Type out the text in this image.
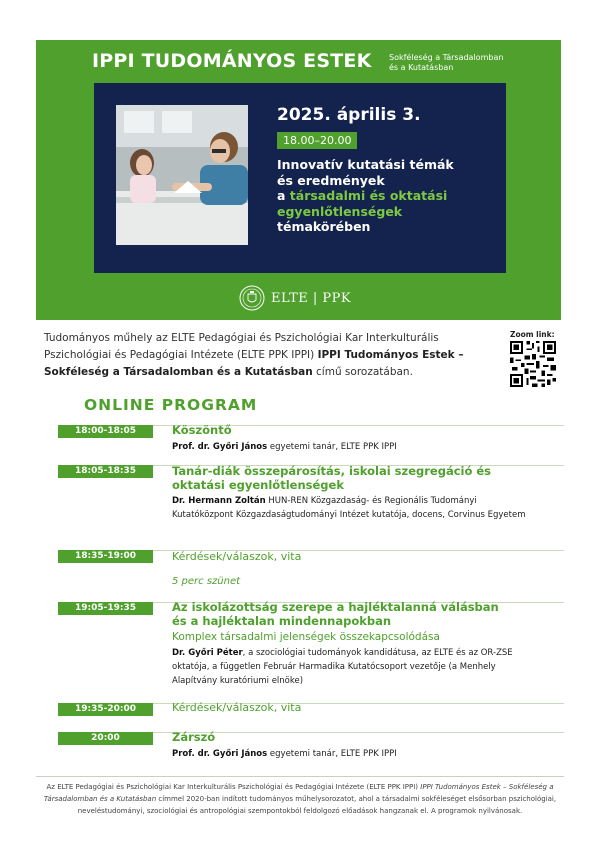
IPPI TUDOMÁNYOS ESTEK Sokféleség a Társadalomban
és a Kutatásban
2025. április 3.
18.00–20.00
Innovatív kutatási témák
és eredmények
a társadalmi és oktatási
egyenlőtlenségek
témakörében
ELTE | PPK
Tudományos műhely az ELTE Pedagógiai és Pszichológiai Kar Interkulturális Pszichológiai és Pedagógiai Intézete (ELTE PPK IPPI) IPPI Tudományos Estek – Sokféleség a Társadalomban és a Kutatásban című sorozatában.
Zoom link:
ONLINE PROGRAM
18:00-18:05	Köszöntő
Prof. dr. Győri János egyetemi tanár, ELTE PPK IPPI
18:05-18:35	Tanár-diák összepárosítás, iskolai szegregáció és
oktatási egyenlőtlenségek
Dr. Hermann Zoltán HUN-REN Közgazdaság- és Regionális Tudományi Kutatóközpont Közgazdaságtudományi Intézet kutatója, docens, Corvinus Egyetem
18:35-19:00	Kérdések/válaszok, vita
5 perc szünet
19:05-19:35	Az iskolázottság szerepe a hajléktalanná válásban
és a hajléktalan mindennapokban
Komplex társadalmi jelenségek összekapcsolódása
Dr. Győri Péter, a szociológiai tudományok kandidátusa, az ELTE és az OR-ZSE oktatója, a független Február Harmadika Kutatócsoport vezetője (a Menhely Alapítvány kuratóriumi elnöke)
19:35-20:00	Kérdések/válaszok, vita
20:00	Zárszó
Prof. dr. Győri János egyetemi tanár, ELTE PPK IPPI
Az ELTE Pedagógiai és Pszichológiai Kar Interkulturális Pszichológiai és Pedagógiai Intézete (ELTE PPK IPPI) IPPI Tudományos Estek – Sokféleség a Társadalomban és a Kutatásban címmel 2020-ban indított tudományos műhelysorozatot, ahol a társadalmi sokféleséget elsősorban pszichológiai, neveléstudományi, szociológiai és antropológiai szempontokból feldolgozó előadások hangzanak el. A programok nyilvánosak.
